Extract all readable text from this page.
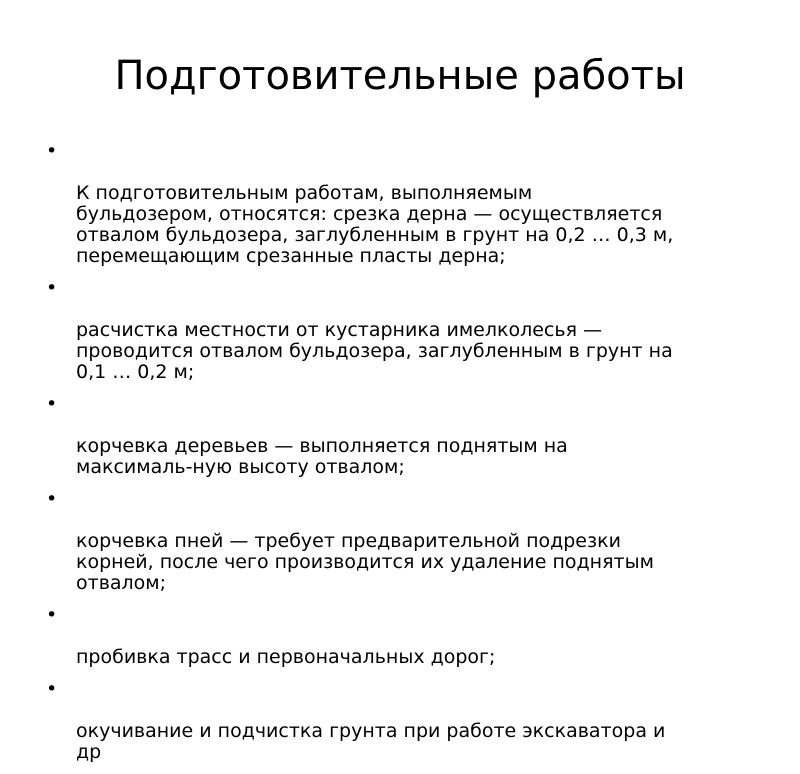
Подготовительные работы

•

К подготовительным работам, выполняемым
бульдозером, относятся: срезка дерна — осуществляется
отвалом бульдозера, заглубленным в грунт на 0,2 … 0,3 м,
перемещающим срезанные пласты дерна;

•

расчистка местности от кустарника имелколесья —
проводится отвалом бульдозера, заглубленным в грунт на
0,1 … 0,2 м;

•

корчевка деревьев — выполняется поднятым на
максималь-ную высоту отвалом;

•

корчевка пней — требует предварительной подрезки
корней, после чего производится их удаление поднятым
отвалом;

•

пробивка трасс и первоначальных дорог;

•

окучивание и подчистка грунта при работе экскаватора и
др
